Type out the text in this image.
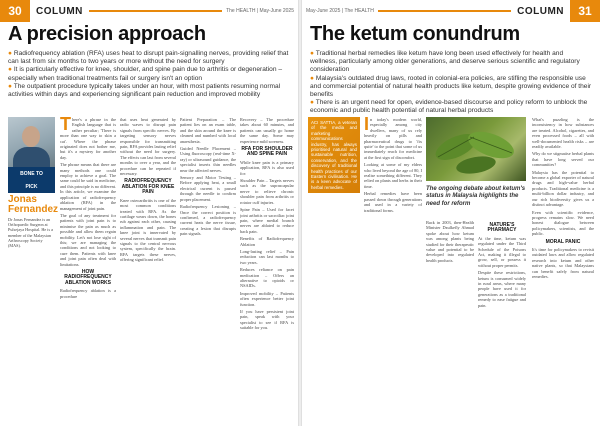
30	COLUMN	The HEALTH | May-June 2025
A precision approach

● Radiofrequency ablation (RFA) uses heat to disrupt pain-signalling nerves, providing relief that can last from six months to two years or more without the need for surgery

● It is particularly effective for knee, shoulder, and spine pain due to arthritis or degeneration – especially when traditional treatments fail or surgery isn't an option

● The outpatient procedure typically takes under an hour, with most patients resuming normal activities within days and experiencing significant pain reduction and improved mobility

BONE TO
PICK
Jonas
Fernandez
Dr Jonas Fernandez is an Orthopaedic Surgeon at Pulsejaya Hospital. He is a member of the Malaysian Arthroscopy Society (MAS).

There's a phrase in the English language that is rather peculiar; 'There is more than one way to skin a cat'. Where the phrase originated does not bother me, but it's a mystery for another day.

The phrase means that there are many methods one could employ to achieve a goal. The same could be said in medicine, and this principle is no different. In this article, we examine the application of radiofrequency ablation (RFA) in the management of joint pain.

The goal of any treatment for patients with joint pain is to minimise the pain as much as possible and allow them regain mobility. Let's not lose sight of this; we are managing the conditions and not looking to cure them. Patients with knee and joint pain often deal with limitations.

HOW RADIOFREQUENCY ABLATION WORKS

Radiofrequency ablation is a procedure

that uses heat generated by radio waves to disrupt pain signals from specific nerves. By targeting sensory nerves responsible for transmitting pain, RFA provides lasting relief without the need for surgery. The effects can last from several months to over a year, and the procedure can be repeated if necessary.

RADIOFREQUENCY ABLATION FOR KNEE PAIN

Knee osteoarthritis is one of the most common conditions treated with RFA. As the cartilage wears down, the bones rub against each other, causing inflammation and pain. The knee joint is innervated by several nerves that transmit pain signals to the central nervous system, specifically the brain. RFA targets these nerves, offering significant relief.

Patient Preparation – The patient lies on an exam table, and the skin around the knee is cleaned and numbed with local anaesthesia.

Guided Needle Placement – Using fluoroscopy (real-time X-ray) or ultrasound guidance, the specialist inserts thin needles near the affected nerves.

Sensory and Motor Testing – Before applying heat, a small electrical current is passed through the needle to confirm proper placement.

Radiofrequency Lesioning – Once the correct position is confirmed, a radiofrequency current heats the nerve tissue, creating a lesion that disrupts pain signals.

Recovery – The procedure takes about 60 minutes, and patients can usually go home the same day. Some may experience mild soreness.

RFA FOR SHOULDER AND SPINE PAIN

While knee pain is a primary application, RFA is also used for:

Shoulder Pain – Targets nerves such as the suprascapular nerve to relieve chronic shoulder pain from arthritis or rotator cuff injuries.

Spine Pain – Used for facet joint arthritis or sacroiliac joint pain, where medial branch nerves are ablated to reduce back pain.

Benefits of Radiofrequency Ablation

Long-lasting relief – Pain reduction can last months to two years.

Reduces reliance on pain medication – Offers an alternative to opioids or NSAIDs.

Improved mobility – Patients often experience better joint function.

If you have persistent joint pain, speak with your specialist to see if RFA is suitable for you.

May-June 2025 | The HEALTH	COLUMN	31
The ketum conundrum

● Traditional herbal remedies like ketum have long been used effectively for health and wellness, particularly among older generations, and deserve serious scientific and regulatory consideration

● Malaysia's outdated drug laws, rooted in colonial-era policies, are stifling the responsible use and commercial potential of natural health products like ketum, despite growing evidence of their benefits

● There is an urgent need for open, evidence-based discourse and policy reform to unblock the economic and public health potential of natural herbal products

ACI SATTIA, a veteran of the media and marketing communications industry, has always prioritised natural and sustainable nutrition, conservation, and the discovery of traditional health practices of our Eastern civilisation. He is a keen advocate of herbal remedies.

In today's modern world, especially among city dwellers, many of us rely heavily on pills and pharmaceutical drugs to 'fix quite' to the point that some of us immediately reach for medicine at the first sign of discomfort.

Looking at some of my elders who lived beyond the age of 80, I realise something different. They relied on plants and herbs in their time.

Herbal remedies have been passed down through generations and used in a variety of traditional forms.

The ongoing debate about ketum's status in Malaysia highlights the need for reform

Back in 2003, then-Health Minister Dzulkefly Ahmad spoke about how ketum was among plants being studied for their therapeutic value and potential to be developed into regulated health products.

NATURE'S PHARMACY

At the time, ketum was regulated under the Third Schedule of the Poisons Act, making it illegal to grow, sell, or possess it without proper permits.

Despite these restrictions, ketum is consumed widely in rural areas, where many people have used it for generations as a traditional remedy to ease fatigue and pain.

What's puzzling is the inconsistency in how substances are treated. Alcohol, cigarettes, and even processed foods – all with well-documented health risks – are readily available.

Why do we stigmatise herbal plants that have long served our communities?

Malaysia has the potential to become a global exporter of natural drugs and high-value herbal products. Traditional medicine is a multi-billion dollar industry, and our rich biodiversity gives us a distinct advantage.

Even with scientific evidence, progress remains slow. We need honest dialogue between policymakers, scientists, and the public.

MORAL PANIC

It's time for policymakers to revisit outdated laws and allow regulated research into ketum and other native plants, so that Malaysians can benefit safely from natural remedies.
